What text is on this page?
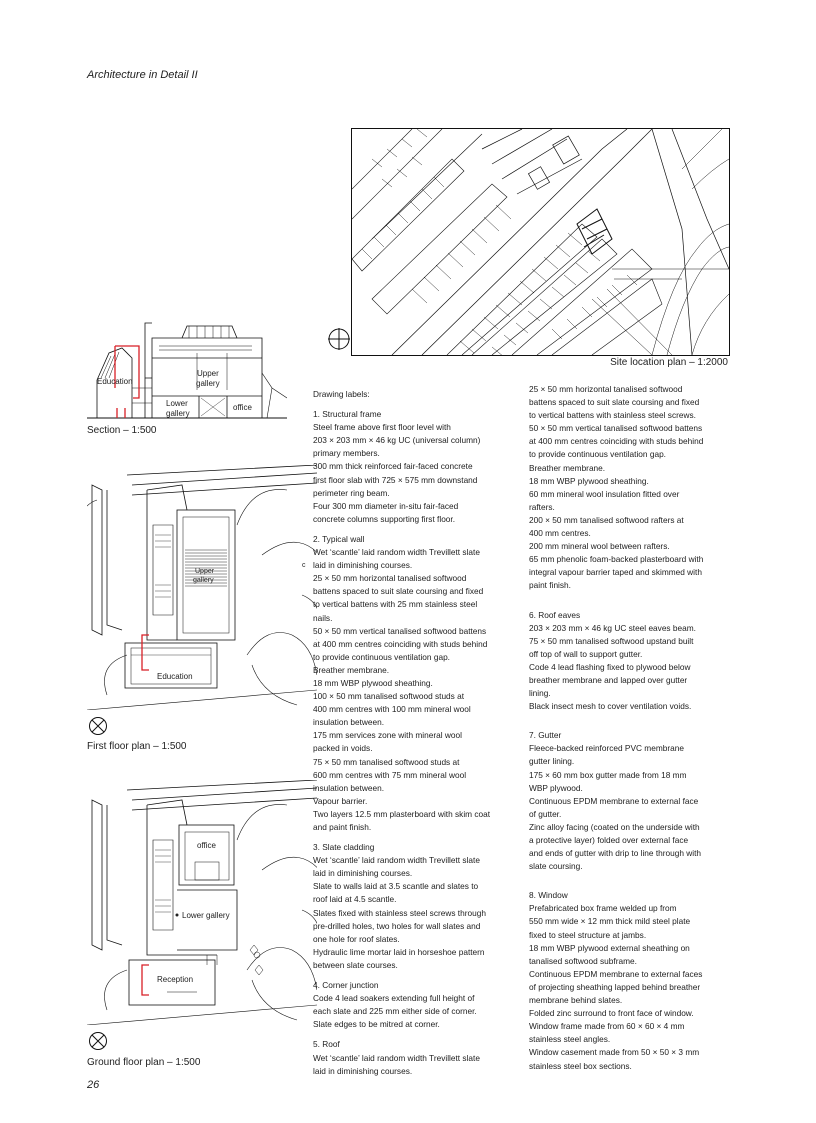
Architecture in Detail II
26
Site location plan – 1:2000
Education
Upper gallery
Lower gallery
office
Section – 1:500
Upper gallery
Education
c
First floor plan – 1:500
office
Lower gallery
Reception
Ground floor plan – 1:500

Drawing labels:

1. Structural frame

Steel frame above first floor level with
203 × 203 mm × 46 kg UC (universal column)
primary members.
300 mm thick reinforced fair-faced concrete
first floor slab with 725 × 575 mm downstand
perimeter ring beam.
Four 300 mm diameter in-situ fair-faced
concrete columns supporting first floor.

2. Typical wall

Wet ‘scantle’ laid random width Trevillett slate
laid in diminishing courses.
25 × 50 mm horizontal tanalised softwood
battens spaced to suit slate coursing and fixed
to vertical battens with 25 mm stainless steel
nails.
50 × 50 mm vertical tanalised softwood battens
at 400 mm centres coinciding with studs behind
to provide continuous ventilation gap.
Breather membrane.
18 mm WBP plywood sheathing.
100 × 50 mm tanalised softwood studs at
400 mm centres with 100 mm mineral wool
insulation between.
175 mm services zone with mineral wool
packed in voids.
75 × 50 mm tanalised softwood studs at
600 mm centres with 75 mm mineral wool
insulation between.
Vapour barrier.
Two layers 12.5 mm plasterboard with skim coat
and paint finish.

3. Slate cladding

Wet ‘scantle’ laid random width Trevillett slate
laid in diminishing courses.
Slate to walls laid at 3.5 scantle and slates to
roof laid at 4.5 scantle.
Slates fixed with stainless steel screws through
pre-drilled holes, two holes for wall slates and
one hole for roof slates.
Hydraulic lime mortar laid in horseshoe pattern
between slate courses.

4. Corner junction

Code 4 lead soakers extending full height of
each slate and 225 mm either side of corner.
Slate edges to be mitred at corner.

5. Roof

Wet ‘scantle’ laid random width Trevillett slate
laid in diminishing courses.

25 × 50 mm horizontal tanalised softwood
battens spaced to suit slate coursing and fixed
to vertical battens with stainless steel screws.
50 × 50 mm vertical tanalised softwood battens
at 400 mm centres coinciding with studs behind
to provide continuous ventilation gap.
Breather membrane.
18 mm WBP plywood sheathing.
60 mm mineral wool insulation fitted over
rafters.
200 × 50 mm tanalised softwood rafters at
400 mm centres.
200 mm mineral wool between rafters.
65 mm phenolic foam-backed plasterboard with
integral vapour barrier taped and skimmed with
paint finish.

6. Roof eaves

203 × 203 mm × 46 kg UC steel eaves beam.
75 × 50 mm tanalised softwood upstand built
off top of wall to support gutter.
Code 4 lead flashing fixed to plywood below
breather membrane and lapped over gutter
lining.
Black insect mesh to cover ventilation voids.

7. Gutter

Fleece-backed reinforced PVC membrane
gutter lining.
175 × 60 mm box gutter made from 18 mm
WBP plywood.
Continuous EPDM membrane to external face
of gutter.
Zinc alloy facing (coated on the underside with
a protective layer) folded over external face
and ends of gutter with drip to line through with
slate coursing.

8. Window

Prefabricated box frame welded up from
550 mm wide × 12 mm thick mild steel plate
fixed to steel structure at jambs.
18 mm WBP plywood external sheathing on
tanalised softwood subframe.
Continuous EPDM membrane to external faces
of projecting sheathing lapped behind breather
membrane behind slates.
Folded zinc surround to front face of window.
Window frame made from 60 × 60 × 4 mm
stainless steel angles.
Window casement made from 50 × 50 × 3 mm
stainless steel box sections.
